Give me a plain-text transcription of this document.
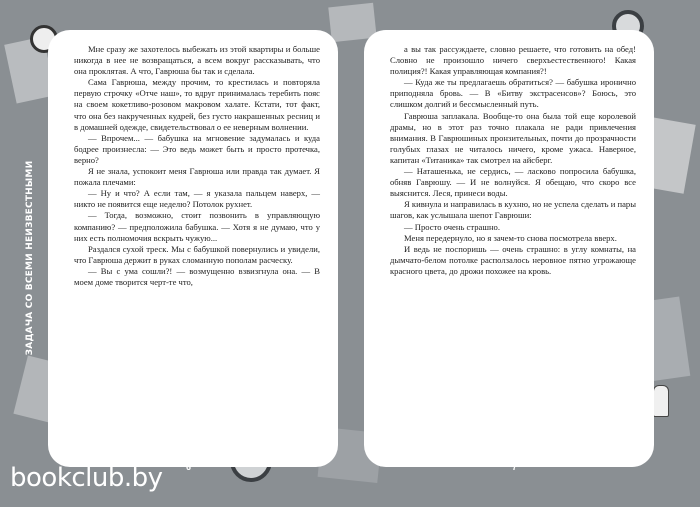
ЗАДАЧА СО ВСЕМИ НЕИЗВЕСТНЫМИ

Мне сразу же захотелось выбежать из этой квартиры и больше никогда в нее не возвращаться, а всем вокруг рассказывать, что она проклятая. А что, Гаврюша бы так и сделала.

Сама Гаврюша, между прочим, то крестилась и повторяла первую строчку «Отче наш», то вдруг принималась теребить пояс на своем кокетливо-розовом макровом халате. Кстати, тот факт, что она без накрученных кудрей, без густо накрашенных ресниц и в домашней одежде, свидетельствовал о ее неверным волнении.

— Впрочем... — бабушка на мгновение задумалась и куда бодрее произнесла: — Это ведь может быть и просто протечка, верно?

Я не знала, успокоит меня Гаврюша или правда так думает. Я пожала плечами:

— Ну и что? А если там, — я указала пальцем наверх, — никто не появится еще неделю? Потолок рухнет.

— Тогда, возможно, стоит позвонить в управляющую компанию? — предположила бабушка. — Хотя я не думаю, что у них есть полномочия вскрыть чужую...

Раздался сухой треск. Мы с бабушкой повернулись и увидели, что Гаврюша держит в руках сломанную пополам расческу.

— Вы с ума сошли?! — возмущенно взвизгнула она. — В моем доме творится черт-те что,

а вы так рассуждаете, словно решаете, что готовить на обед! Словно не произошло ничего сверхъестественного! Какая полиция?! Какая управляющая компания?!

— Куда же ты предлагаешь обратиться? — бабушка иронично приподняла бровь. — В «Битву экстрасенсов»? Боюсь, это слишком долгий и бессмысленный путь.

Гаврюша заплакала. Вообще-то она была той еще королевой драмы, но в этот раз точно плакала не ради привлечения внимания. В Гаврюшиных пронзительных, почти до прозрачности голубых глазах не читалось ничего, кроме ужаса. Наверное, капитан «Титаника» так смотрел на айсберг.

— Наташенька, не сердись, — ласково попросила бабушка, обняв Гаврюшу. — И не волнуйся. Я обещаю, что скоро все выяснится. Леся, принеси воды.

Я кивнула и направилась в кухню, но не успела сделать и пары шагов, как услышала шепот Гаврюши:

— Просто очень страшно.

Меня передернуло, но я зачем-то снова посмотрела вверх.

И ведь не поспоришь — очень страшно: в углу комнаты, на дымчато-белом потолке расползалось неровное пятно угрожающе красного цвета, до дрожи похожее на кровь.

6	7
bookclub.by
